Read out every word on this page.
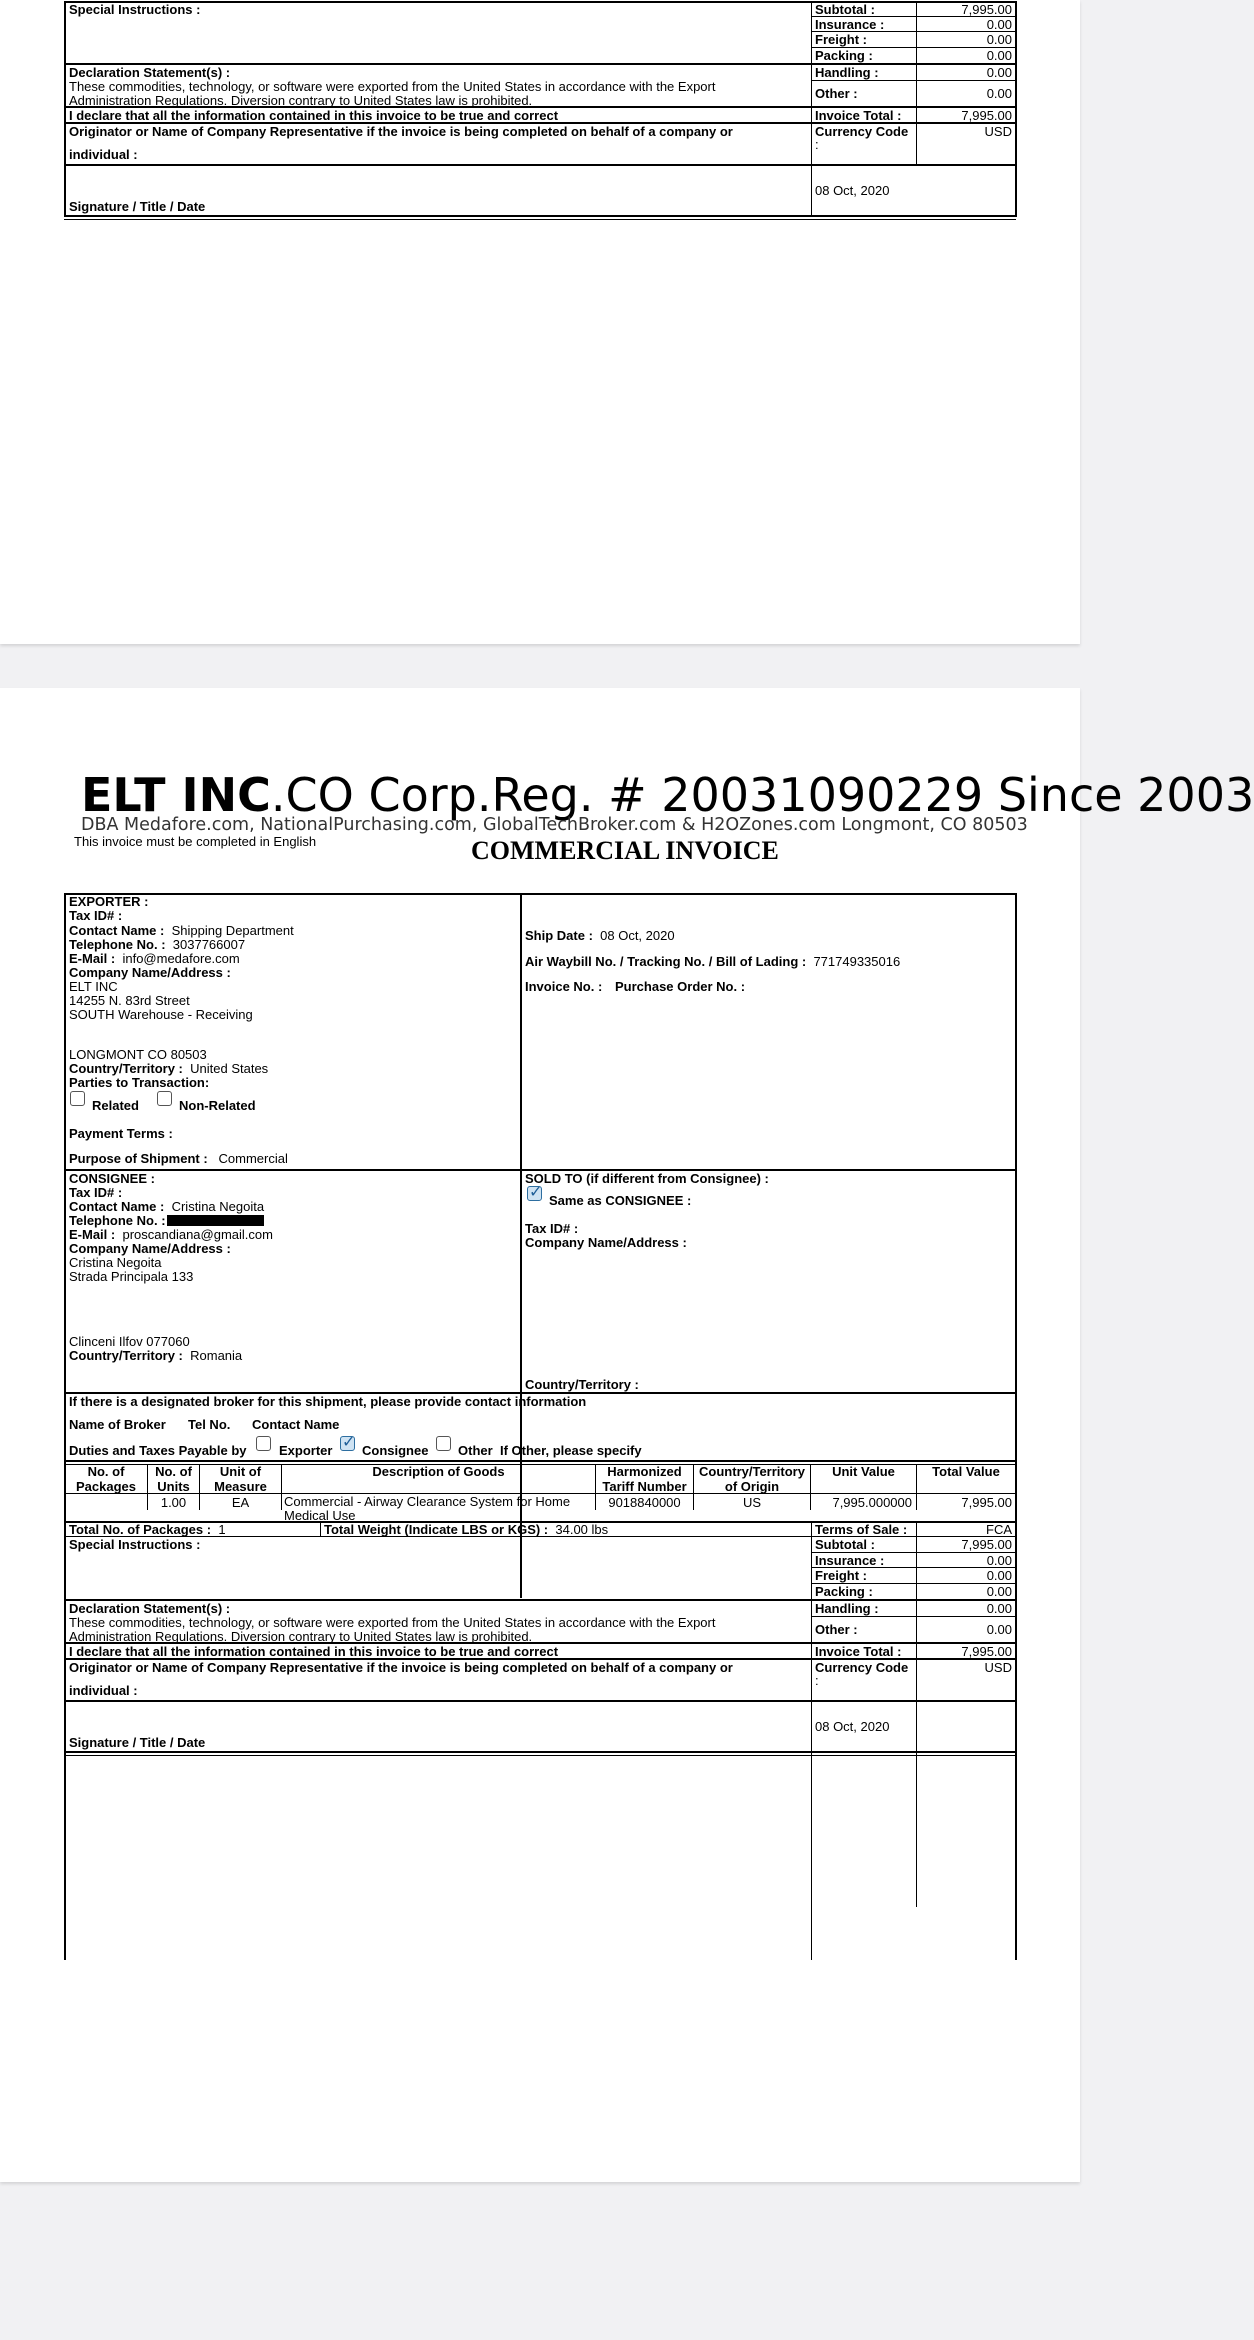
Special Instructions :	Subtotal :	7,995.00
Insurance :	0.00
Freight :	0.00
Packing :	0.00
Declaration Statement(s) :
These commodities, technology, or software were exported from the United States in accordance with the Export
Administration Regulations. Diversion contrary to United States law is prohibited.
Handling :	0.00
Other :	0.00
I declare that all the information contained in this invoice to be true and correct	Invoice Total :	7,995.00
Originator or Name of Company Representative if the invoice is being completed on behalf of a company or
individual :
Currency Code
:
USD
08 Oct, 2020
Signature / Title / Date
ELT INC.CO Corp.Reg. # 20031090229 Since 2003
DBA Medafore.com, NationalPurchasing.com, GlobalTechBroker.com & H2OZones.com Longmont, CO 80503
This invoice must be completed in English	COMMERCIAL INVOICE
EXPORTER :
Tax ID# :
Contact Name : Shipping Department
Telephone No. : 3037766007
E-Mail : info@medafore.com
Company Name/Address :
ELT INC
14255 N. 83rd Street
SOUTH Warehouse - Receiving
LONGMONT CO 80503
Country/Territory : United States
Parties to Transaction:
Related	Non-Related
Payment Terms :
Purpose of Shipment : Commercial
Ship Date : 08 Oct, 2020
Air Waybill No. / Tracking No. / Bill of Lading : 771749335016
Invoice No. : Purchase Order No. :
CONSIGNEE :
Tax ID# :
Contact Name : Cristina Negoita
Telephone No. :
E-Mail : proscandiana@gmail.com
Company Name/Address :
Cristina Negoita
Strada Principala 133
Clinceni Ilfov 077060
Country/Territory : Romania
SOLD TO (if different from Consignee) :
✓
Same as CONSIGNEE :
Tax ID# :
Company Name/Address :
Country/Territory :
If there is a designated broker for this shipment, please provide contact information
Name of Broker Tel No. Contact Name
Duties and Taxes Payable by	Exporter
✓ Consignee Other If Other, please specify
No. of
Packages
No. of
Units
Unit of
Measure
Description of Goods	Harmonized
Tariff Number
Country/Territory
of Origin
Unit Value	Total Value
1.00	EA	Commercial - Airway Clearance System for Home Medical Use
9018840000	US	7,995.000000	7,995.00
Total No. of Packages : 1	Total Weight (Indicate LBS or KGS) : 34.00 lbs	Terms of Sale :	FCA
Special Instructions :	Subtotal :	7,995.00
Insurance :	0.00
Freight :	0.00
Packing :	0.00
Declaration Statement(s) :
These commodities, technology, or software were exported from the United States in accordance with the Export
Administration Regulations. Diversion contrary to United States law is prohibited.
Handling :	0.00
Other :	0.00
I declare that all the information contained in this invoice to be true and correct	Invoice Total :	7,995.00
Originator or Name of Company Representative if the invoice is being completed on behalf of a company or
individual :
Currency Code
:
USD
08 Oct, 2020
Signature / Title / Date
